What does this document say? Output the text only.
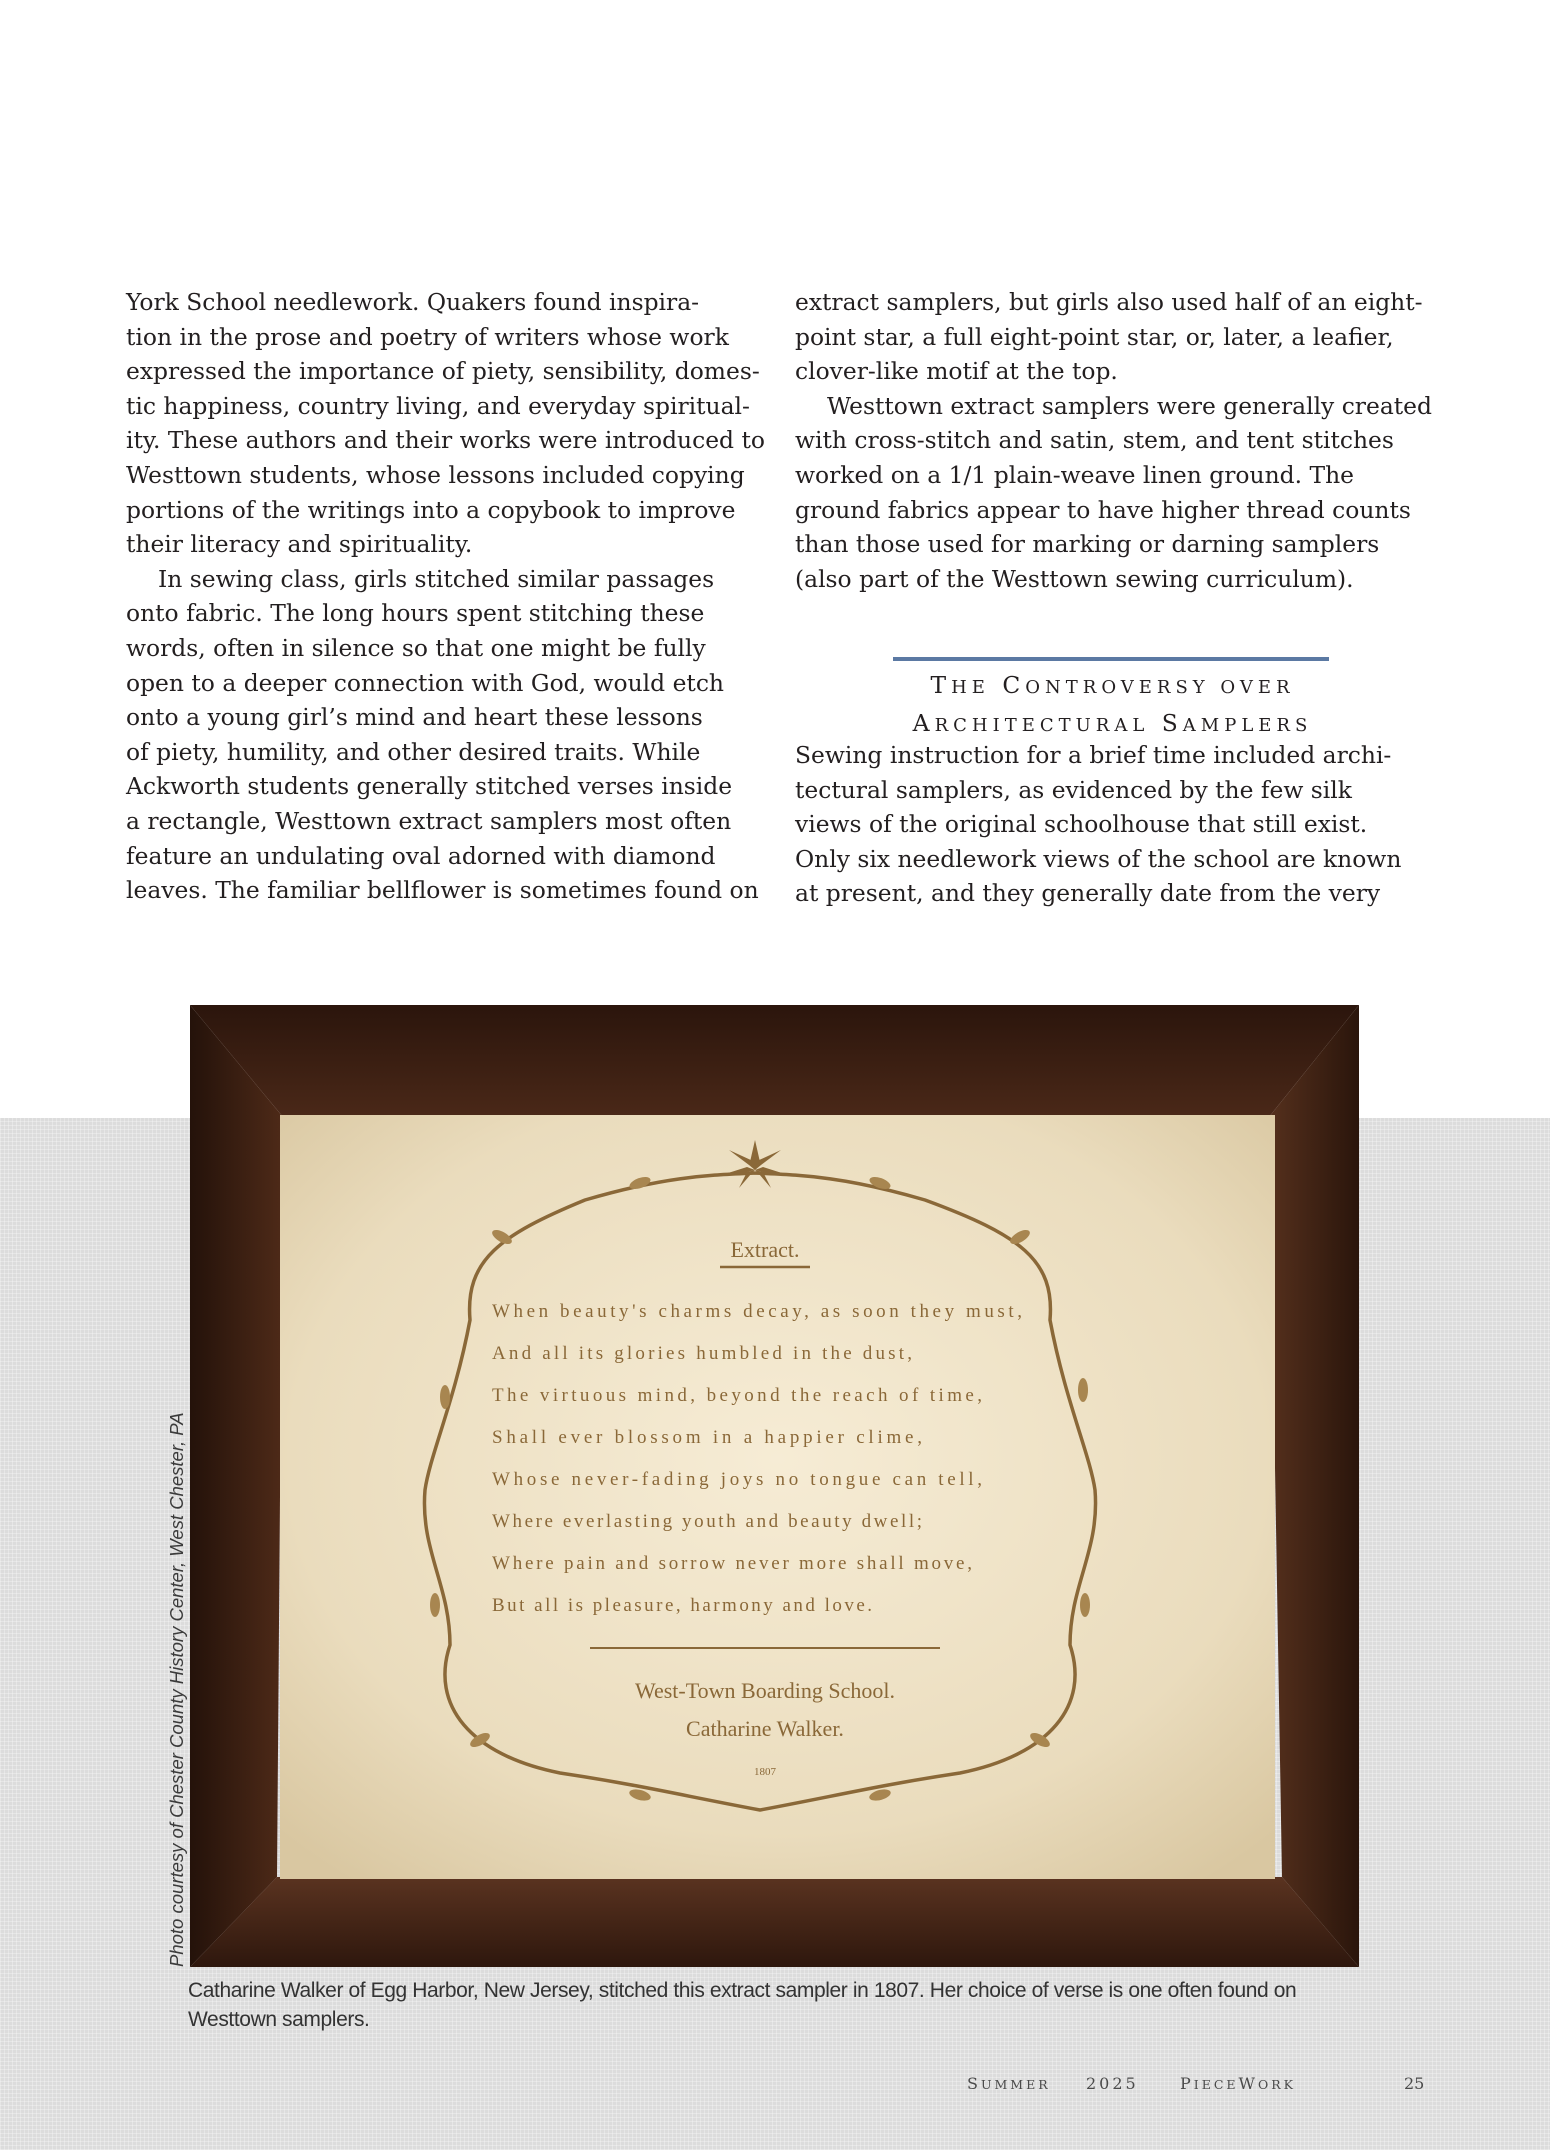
York School needlework. Quakers found inspira-
tion in the prose and poetry of writers whose work
expressed the importance of piety, sensibility, domes-
tic happiness, country living, and everyday spiritual-
ity. These authors and their works were introduced to
Westtown students, whose lessons included copying
portions of the writings into a copybook to improve
their literacy and spirituality.
In sewing class, girls stitched similar passages
onto fabric. The long hours spent stitching these
words, often in silence so that one might be fully
open to a deeper connection with God, would etch
onto a young girl’s mind and heart these lessons
of piety, humility, and other desired traits. While
Ackworth students generally stitched verses inside
a rectangle, Westtown extract samplers most often
feature an undulating oval adorned with diamond
leaves. The familiar bellflower is sometimes found on
extract samplers, but girls also used half of an eight-
point star, a full eight-point star, or, later, a leafier,
clover-like motif at the top.
Westtown extract samplers were generally created
with cross-stitch and satin, stem, and tent stitches
worked on a 1/1 plain-weave linen ground. The
ground fabrics appear to have higher thread counts
than those used for marking or darning samplers
(also part of the Westtown sewing curriculum).
THE CONTROVERSY OVER
ARCHITECTURAL SAMPLERS
Sewing instruction for a brief time included archi-
tectural samplers, as evidenced by the few silk
views of the original schoolhouse that still exist.
Only six needlework views of the school are known
at present, and they generally date from the very
Extract.
When beauty's charms decay, as soon they must,
And all its glories humbled in the dust,
The virtuous mind, beyond the reach of time,
Shall ever blossom in a happier clime,
Whose never-fading joys no tongue can tell,
Where everlasting youth and beauty dwell;
Where pain and sorrow never more shall move,
But all is pleasure, harmony and love.
West-Town Boarding School.
Catharine Walker.
1807
Photo courtesy of Chester County History Center, West Chester, PA
Catharine Walker of Egg Harbor, New Jersey, stitched this extract sampler in 1807. Her choice of verse is one often found on
Westtown samplers.
SUMMER 2025	PIECEWORK	25
